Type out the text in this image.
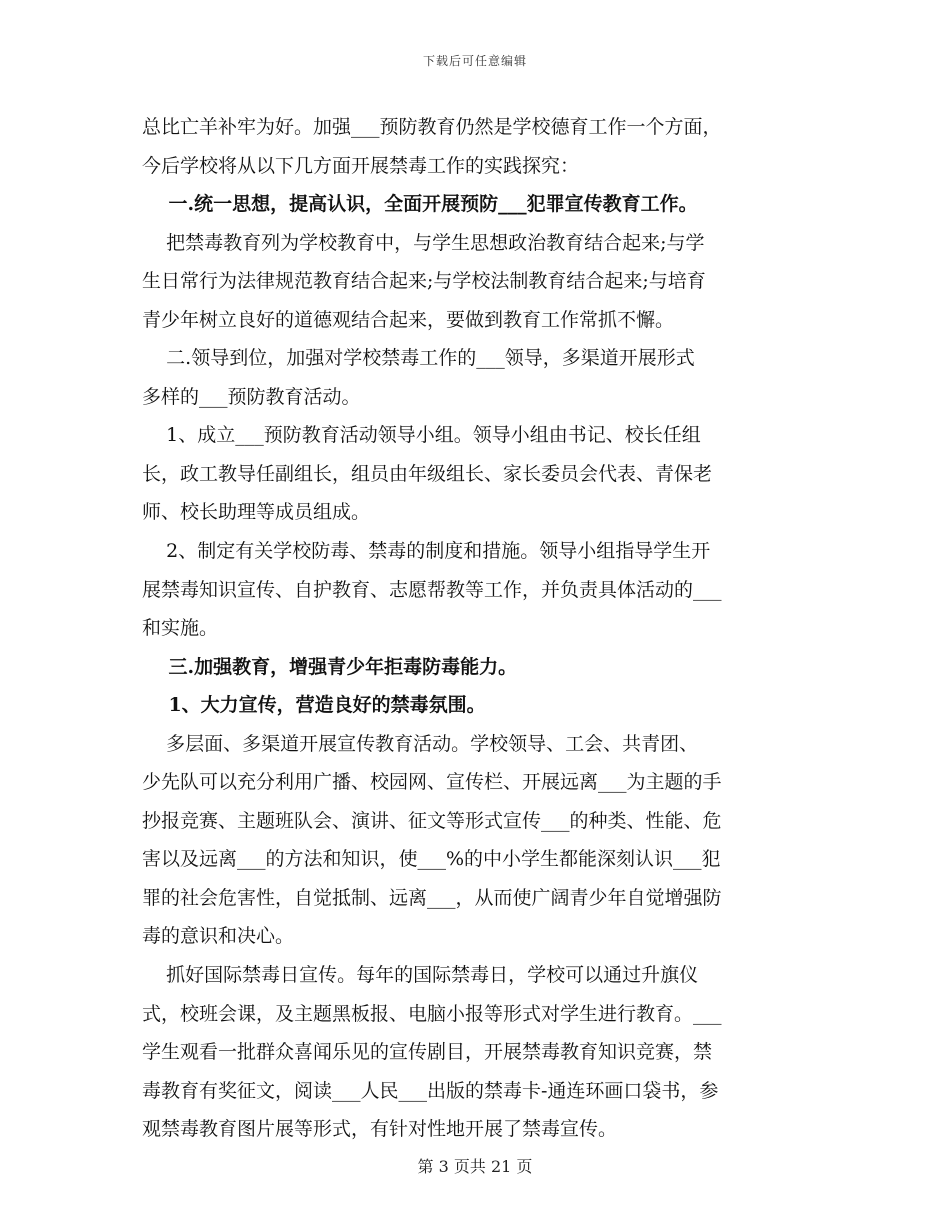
下载后可任意编辑
总比亡羊补牢为好。加强___预防教育仍然是学校德育工作一个方面，
今后学校将从以下几方面开展禁毒工作的实践探究：
一.统一思想，提高认识，全面开展预防___犯罪宣传教育工作。
把禁毒教育列为学校教育中，与学生思想政治教育结合起来;与学
生日常行为法律规范教育结合起来;与学校法制教育结合起来;与培育
青少年树立良好的道德观结合起来，要做到教育工作常抓不懈。
二.领导到位，加强对学校禁毒工作的___领导，多渠道开展形式
多样的___预防教育活动。
1、成立___预防教育活动领导小组。领导小组由书记、校长任组
长，政工教导任副组长，组员由年级组长、家长委员会代表、青保老
师、校长助理等成员组成。
2、制定有关学校防毒、禁毒的制度和措施。领导小组指导学生开
展禁毒知识宣传、自护教育、志愿帮教等工作，并负责具体活动的___
和实施。
三.加强教育，增强青少年拒毒防毒能力。
1、大力宣传，营造良好的禁毒氛围。
多层面、多渠道开展宣传教育活动。学校领导、工会、共青团、
少先队可以充分利用广播、校园网、宣传栏、开展远离___为主题的手
抄报竞赛、主题班队会、演讲、征文等形式宣传___的种类、性能、危
害以及远离___的方法和知识，使___%的中小学生都能深刻认识___犯
罪的社会危害性，自觉抵制、远离___，从而使广阔青少年自觉增强防
毒的意识和决心。
抓好国际禁毒日宣传。每年的国际禁毒日，学校可以通过升旗仪
式，校班会课，及主题黑板报、电脑小报等形式对学生进行教育。___
学生观看一批群众喜闻乐见的宣传剧目，开展禁毒教育知识竞赛，禁
毒教育有奖征文，阅读___人民___出版的禁毒卡-通连环画口袋书，参
观禁毒教育图片展等形式，有针对性地开展了禁毒宣传。
第 3 页共 21 页
